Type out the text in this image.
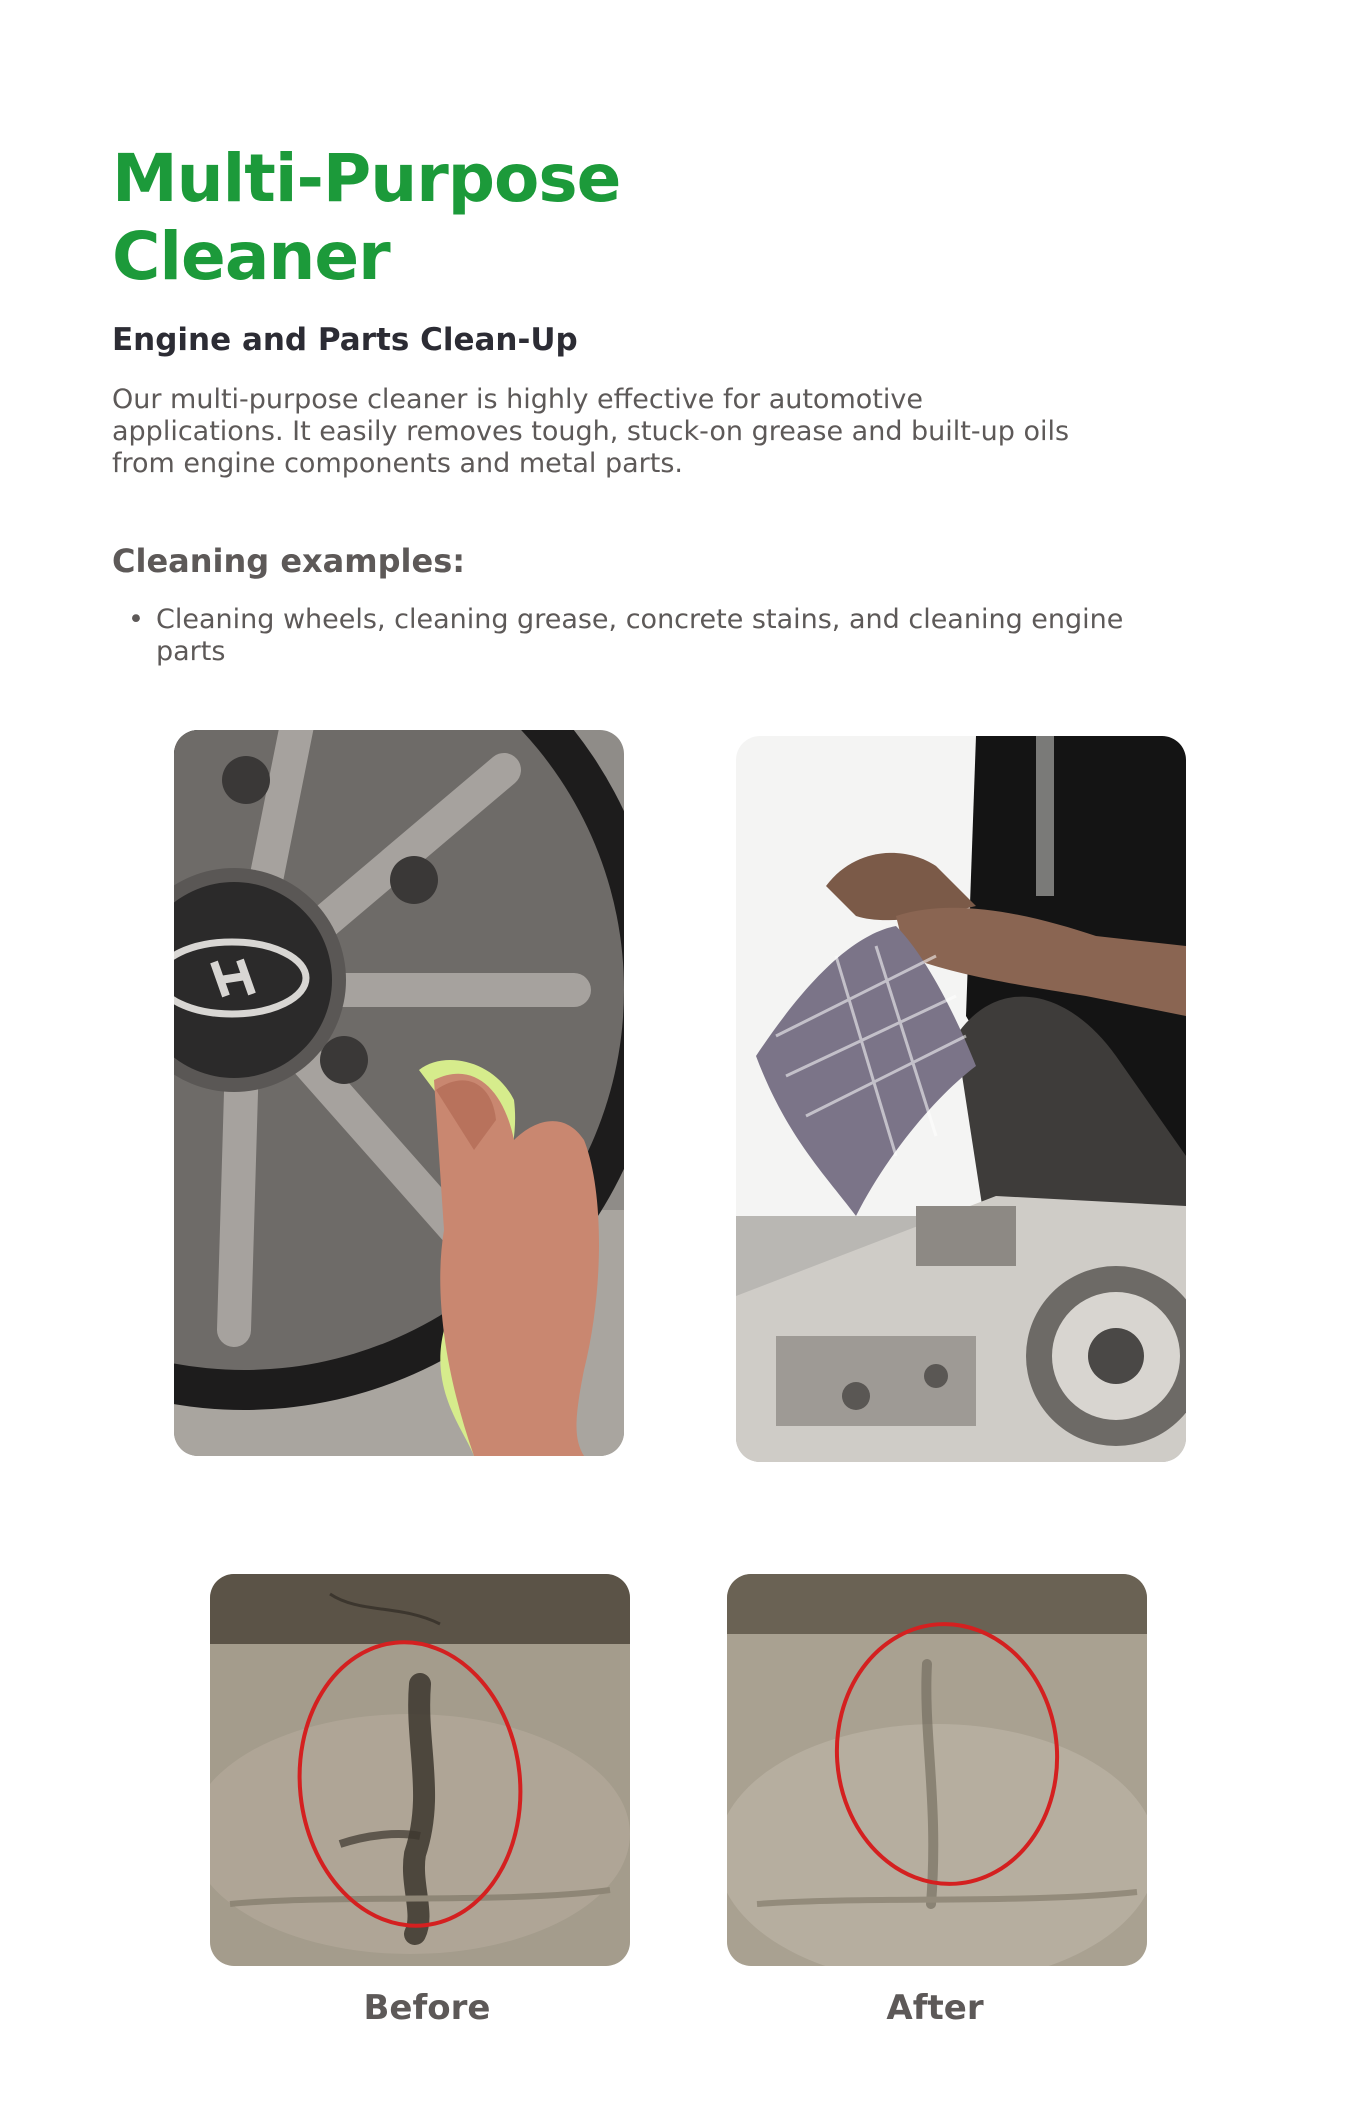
Multi-Purpose
Cleaner
Engine and Parts Clean-Up

Our multi-purpose cleaner is highly effective for automotive applications. It easily removes tough, stuck-on grease and built-up oils from engine components and metal parts.

Cleaning examples:
• Cleaning wheels, cleaning grease, concrete stains, and cleaning engine parts

Before	After
